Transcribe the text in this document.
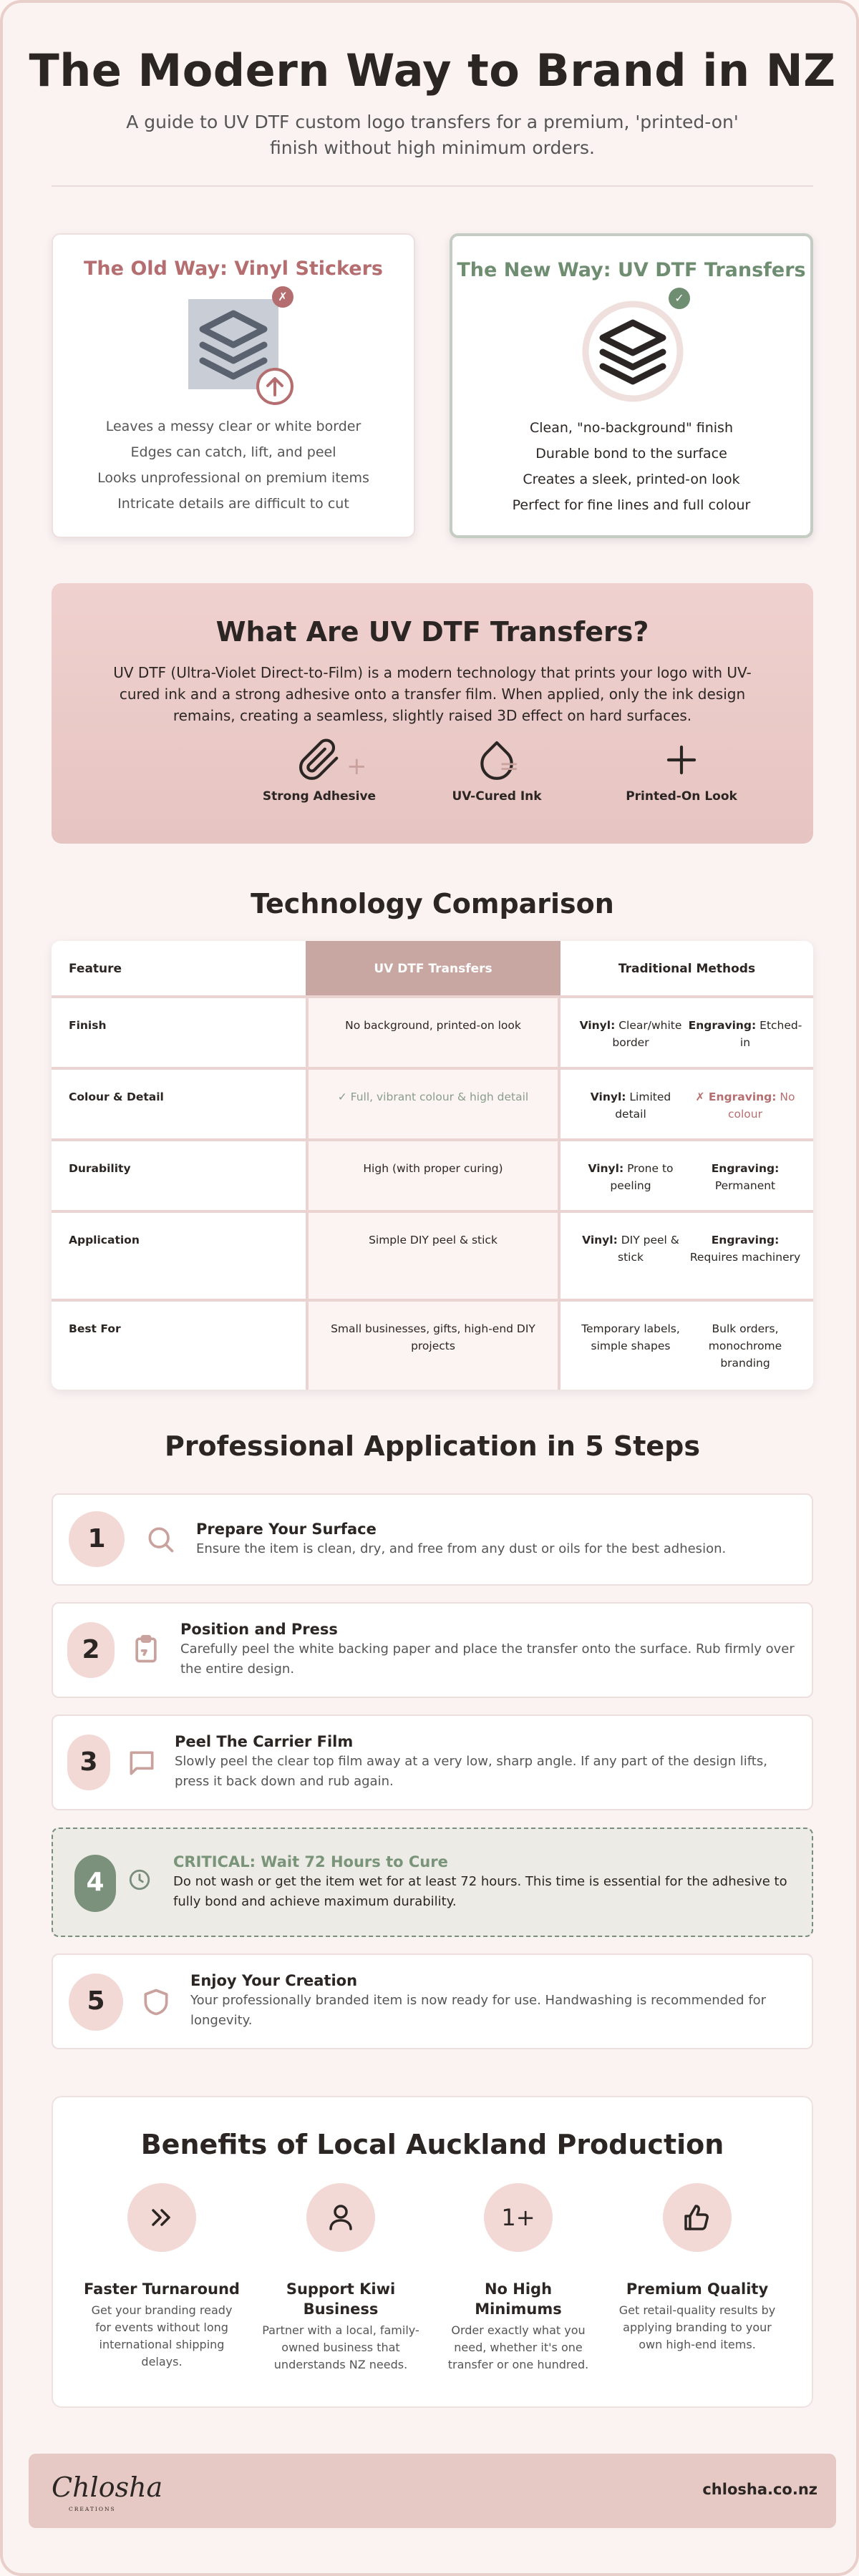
The Modern Way to Brand in NZ

A guide to UV DTF custom logo transfers for a premium, 'printed-on' finish without high minimum orders.

The Old Way: Vinyl Stickers
✗
Leaves a messy clear or white border
Edges can catch, lift, and peel
Looks unprofessional on premium items
Intricate details are difficult to cut
The New Way: UV DTF Transfers
✓
Clean, "no-background" finish
Durable bond to the surface
Creates a sleek, printed-on look
Perfect for fine lines and full colour
What Are UV DTF Transfers?

UV DTF (Ultra-Violet Direct-to-Film) is a modern technology that prints your logo with UV-cured ink and a strong adhesive onto a transfer film. When applied, only the ink design remains, creating a seamless, slightly raised 3D effect on hard surfaces.

Strong Adhesive
+
UV-Cured Ink
=
Printed-On Look
Technology Comparison
Feature	UV DTF Transfers	Traditional Methods
Finish	No background, printed-on look	Vinyl: Clear/white border
Engraving: Etched-in
Colour & Detail	✓ Full, vibrant colour & high detail	Vinyl: Limited detail
✗ Engraving: No colour
Durability	High (with proper curing)	Vinyl: Prone to peeling
Engraving: Permanent
Application	Simple DIY peel & stick	Vinyl: DIY peel & stick
Engraving: Requires machinery
Best For	Small businesses, gifts, high-end DIY projects
Temporary labels, simple shapes
Bulk orders, monochrome branding
Professional Application in 5 Steps
1	Prepare Your Surface
Ensure the item is clean, dry, and free from any dust or oils for the best adhesion.
2
Position and Press
Carefully peel the white backing paper and place the transfer onto the surface. Rub firmly over the entire design.
3
Peel The Carrier Film
Slowly peel the clear top film away at a very low, sharp angle. If any part of the design lifts, press it back down and rub again.
4
CRITICAL: Wait 72 Hours to Cure
Do not wash or get the item wet for at least 72 hours. This time is essential for the adhesive to fully bond and achieve maximum durability.
5
Enjoy Your Creation
Your professionally branded item is now ready for use. Handwashing is recommended for longevity.
Benefits of Local Auckland Production
Faster Turnaround

Get your branding ready for events without long international shipping delays.

Support Kiwi Business

Partner with a local, family-owned business that understands NZ needs.

1+
No High Minimums

Order exactly what you need, whether it's one transfer or one hundred.

Premium Quality

Get retail-quality results by applying branding to your own high-end items.

Chlosha
CREATIONS
chlosha.co.nz
